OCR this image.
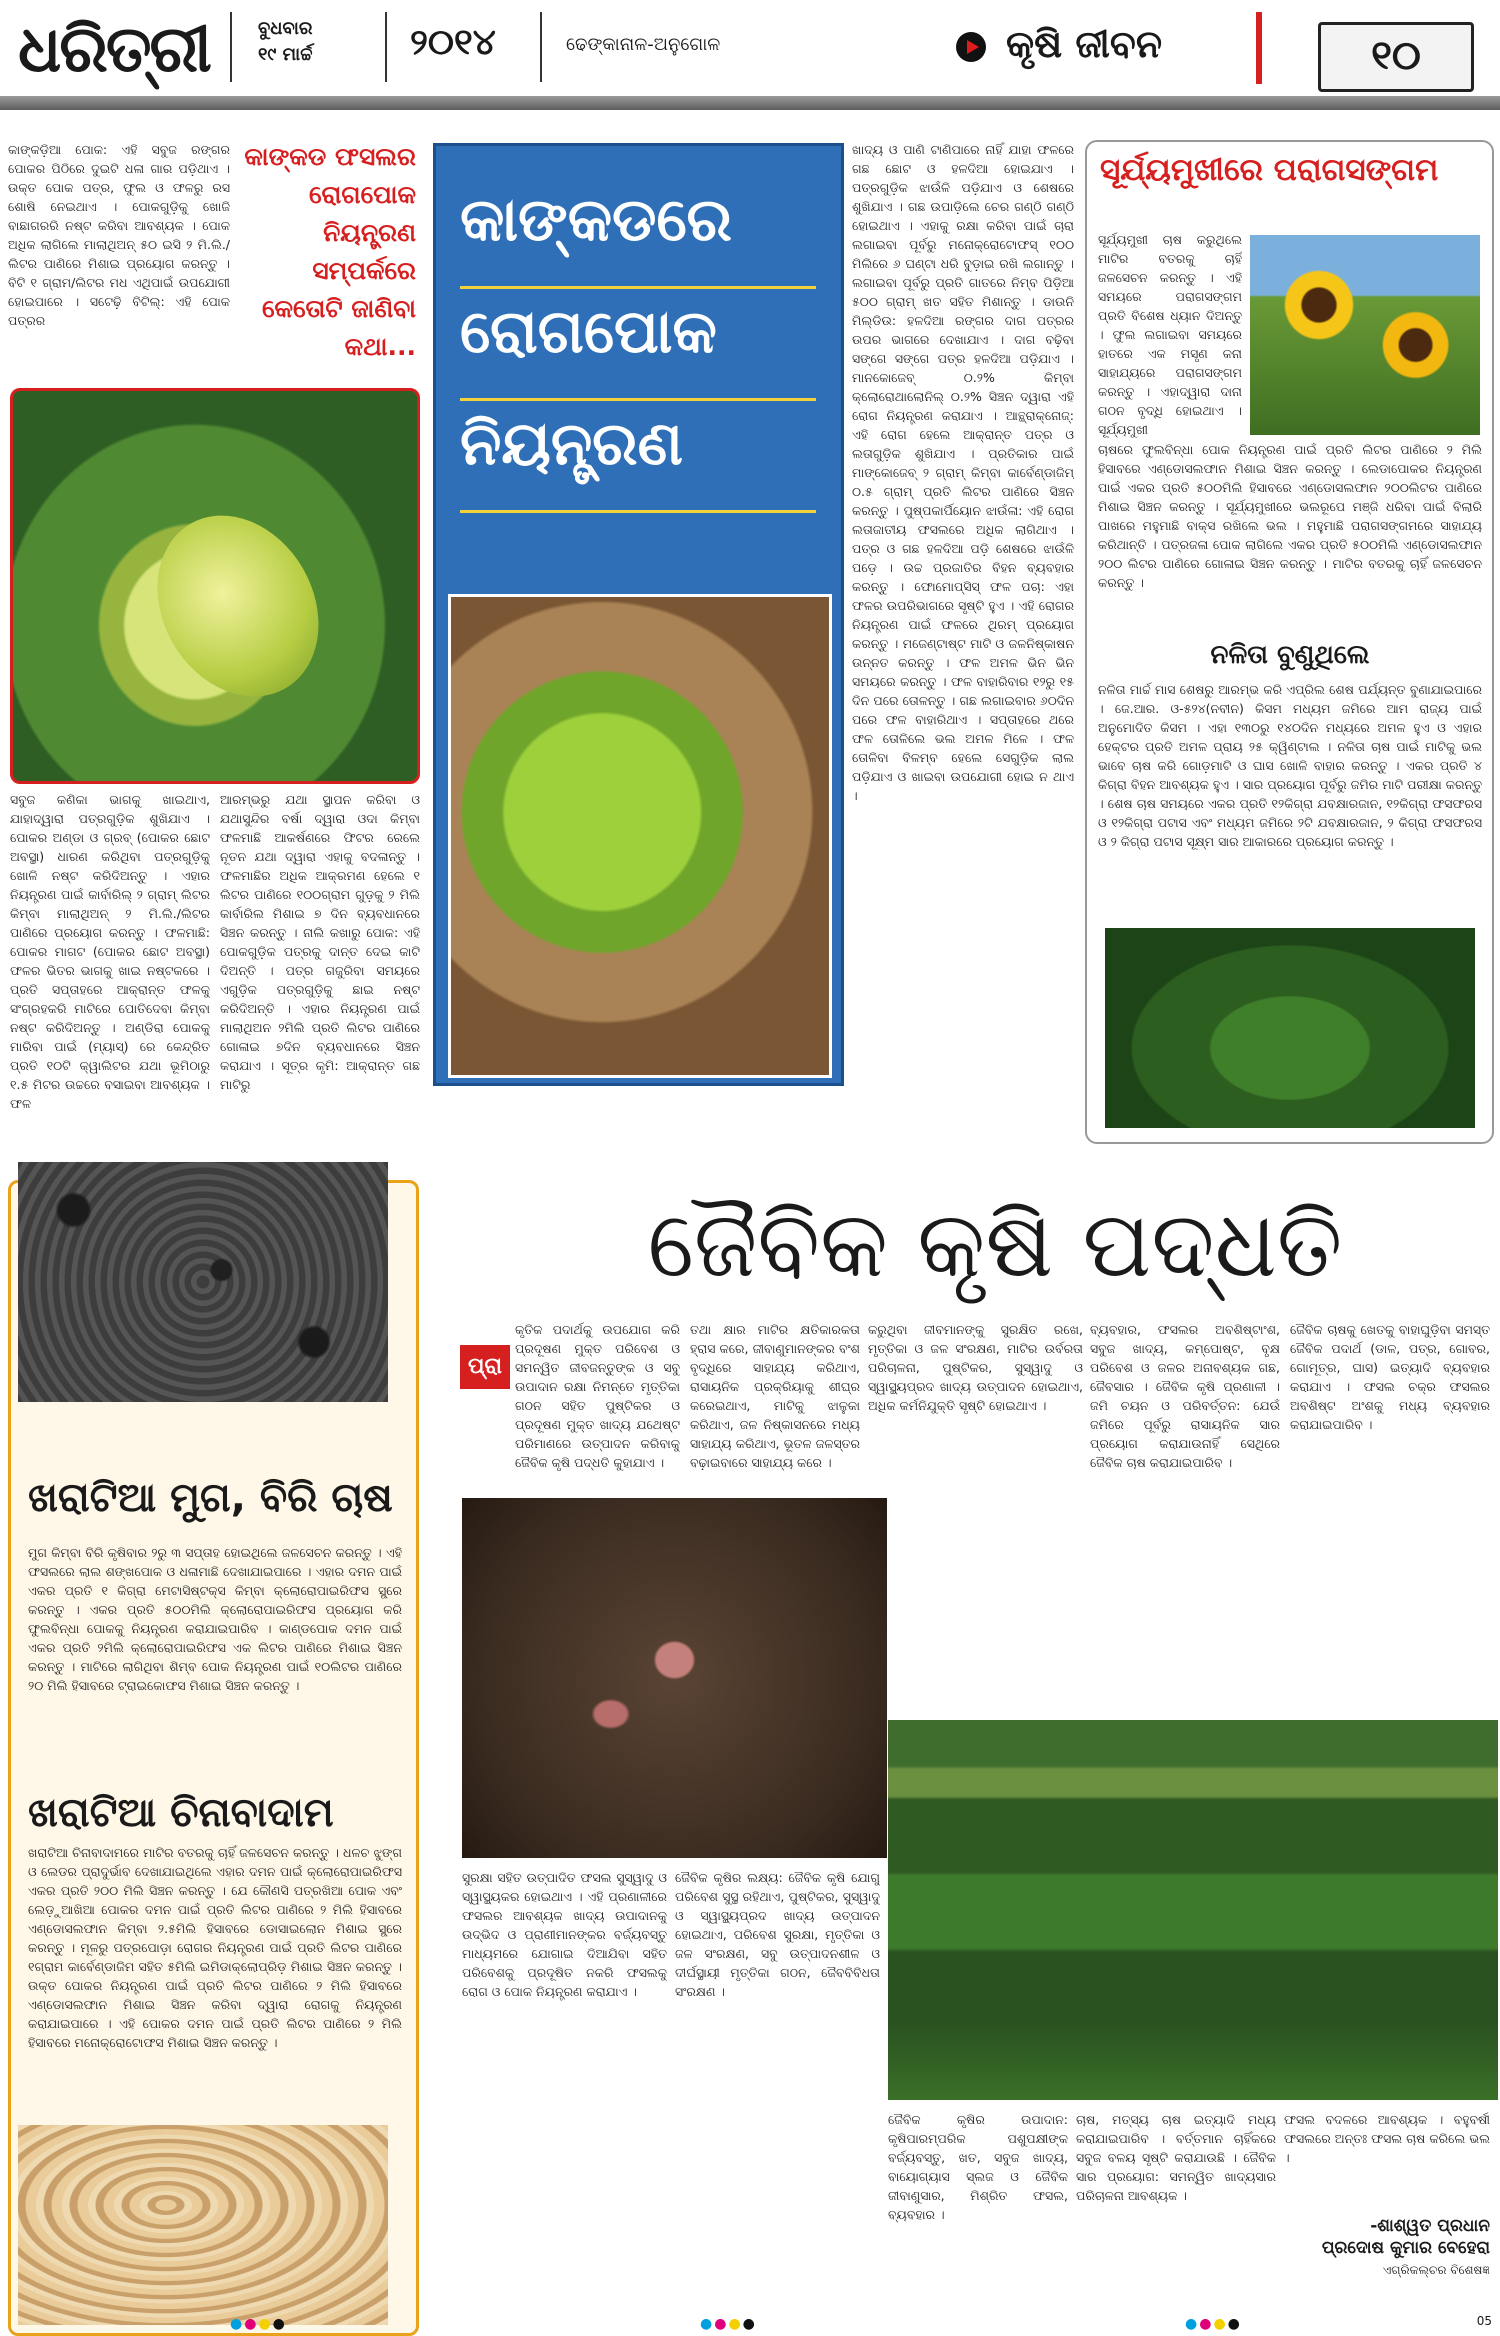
ଧରିତ୍ରୀ	ବୁଧବାର
୧୯ ମାର୍ଚ୍ଚ	୨୦୧୪	ଢେଙ୍କାନାଳ-ଅନୁଗୋଳ	କୃଷି ଜୀବନ	୧୦
କାଙ୍କଡ଼ିଆ ପୋକ: ଏହି ସବୁଜ ରଙ୍ଗର ପୋକର ପିଠିରେ ଦୁଇଟି ଧଳା ଗାର ପଡ଼ିଥାଏ । ଉକ୍ତ ପୋକ ପତ୍ର, ଫୁଲ ଓ ଫଳରୁ ରସ ଶୋଷି ନେଇଥାଏ । ପୋକଗୁଡ଼ିକୁ ଖୋଜି ବାଛାଗରରି ନଷ୍ଟ କରିବା ଆବଶ୍ୟକ । ପୋକ ଅଧିକ ଲାଗିଲେ ମାଲାଥିଅନ୍ ୫୦ ଇସି ୨ ମି.ଲି./ଲିଟର ପାଣିରେ ମିଶାଇ ପ୍ରୟୋଗ କରନ୍ତୁ । ବିଟି ୧ ଗ୍ରାମ/ଲିଟର ମଧ ଏଥିପାଇଁ ଉପଯୋଗୀ ହୋଇପାରେ । ସଟେଢ଼ି ବିଟିଲ୍: ଏହି ପୋକ ପତ୍ରର
କାଙ୍କଡ ଫସଲର ରୋଗପୋକ ନିୟନ୍ତ୍ରଣ ସମ୍ପର୍କରେ କେତୋଟି ଜାଣିବା କଥା...
କାଙ୍କଡରେ
ରୋଗପୋକ
ନିୟନ୍ତ୍ରଣ
ସବୁଜ କଣିକା ଭାଗକୁ ଖାଇଥାଏ, ଯାହାଦ୍ୱାରା ପତ୍ରଗୁଡ଼ିକ ଶୁଖିଯାଏ । ପୋକର ଅଣ୍ଡା ଓ ଗ୍ରବ୍ (ପୋକର ଛୋଟ ଅବସ୍ଥା) ଧାରଣ କରିଥିବା ପତ୍ରଗୁଡ଼ିକୁ ଖୋଳି ନଷ୍ଟ କରିଦିଅନ୍ତୁ । ଏହାର ନିୟନ୍ତ୍ରଣ ପାଇଁ କାର୍ବାରିଲ୍ ୨ ଗ୍ରାମ୍ ଲିଟର କିମ୍ବା ମାଲାଥିଅନ୍ ୨ ମି.ଲି./ଲିଟର ପାଣିରେ ପ୍ରୟୋଗ କରନ୍ତୁ । ଫଳମାଛି: ପୋକର ମାଗଟ (ପୋକର ଛୋଟ ଅବସ୍ଥା) ଫଳର ଭିତର ଭାଗକୁ ଖାଇ ନଷ୍ଟକରେ । ପ୍ରତି ସପ୍ତାହରେ ଆକ୍ରାନ୍ତ ଫଳକୁ ସଂଗ୍ରହକରି ମାଟିରେ ପୋତିଦେବା କିମ୍ବା ନଷ୍ଟ କରିଦିଅନ୍ତୁ । ଅଣ୍ଡିରା ପୋକକୁ ମାରିବା ପାଇଁ (ମ୍ୟାସ୍) ରେ କେନ୍ଦ୍ରିତ ପ୍ରତି ୧୦ଟି କ୍ୱାଲିଟର ଯଥା ଭୂମିଠାରୁ ୧.୫ ମିଟର ଉଚ୍ଚରେ ବସାଇବା ଆବଶ୍ୟକ । ଫଳ
ଆରମ୍ଭରୁ ଯଥା ସ୍ଥାପନ କରିବା ଓ ଯଥାସୁନ୍ଦିର ବର୍ଷା ଦ୍ୱାରା ଓଦା କିମ୍ବା ଫଳମାଛି ଆକର୍ଷଣରେ ଫିଟର ରେଲେ ନୂତନ ଯଥା ଦ୍ୱାରା ଏହାକୁ ବଦଳାନ୍ତୁ । ଫଳମାଛିର ଅଧିକ ଆକ୍ରମଣ ହେଲେ ୧ ଲିଟର ପାଣିରେ ୧୦୦ଗ୍ରାମ ଗୁଡ଼କୁ ୨ ମିଲି କାର୍ବାରିଲ ମିଶାଇ ୭ ଦିନ ବ୍ୟବଧାନରେ ସିଞ୍ଚନ କରନ୍ତୁ । ନାଲି କଖାରୁ ପୋକ: ଏହି ପୋକଗୁଡ଼ିକ ପତ୍ରକୁ ଦାନ୍ତ ଦେଇ କାଟି ଦିଅନ୍ତି । ପତ୍ର ଗଜୁରିବା ସମୟରେ ଏଗୁଡ଼ିକ ପତ୍ରଗୁଡ଼ିକୁ ଛାଇ ନଷ୍ଟ କରିଦିଅନ୍ତି । ଏହାର ନିୟନ୍ତ୍ରଣ ପାଇଁ ମାଲାଥିଅନ ୨ମିଲି ପ୍ରତି ଲିଟର ପାଣିରେ ଗୋଳାଇ ୭ଦିନ ବ୍ୟବଧାନରେ ସିଞ୍ଚନ କରାଯାଏ । ସୂତ୍ର କୃମି: ଆକ୍ରାନ୍ତ ଗଛ ମାଟିରୁ
ଖାଦ୍ୟ ଓ ପାଣି ଟାଣିପାରେ ନାହିଁ ଯାହା ଫଳରେ ଗଛ ଛୋଟ ଓ ହଳଦିଆ ହୋଇଯାଏ । ପତ୍ରଗୁଡ଼ିକ ଝାଉଁଳି ପଡ଼ିଯାଏ ଓ ଶେଷରେ ଶୁଖିଯାଏ । ଗଛ ଉପାଡ଼ିଲେ ଚେର ଗଣ୍ଠି ଗଣ୍ଠି ହୋଇଥାଏ । ଏହାକୁ ରକ୍ଷା କରିବା ପାଇଁ ଚାରା ଲଗାଇବା ପୂର୍ବରୁ ମନୋକ୍ରୋଟୋଫସ୍ ୧୦୦ ମିଲିରେ ୬ ଘଣ୍ଟା ଧରି ବୁଡ଼ାଇ ରଖି ଲଗାନ୍ତୁ । ଲଗାଇବା ପୂର୍ବରୁ ପ୍ରତି ଗାତରେ ନିମ୍ବ ପିଡ଼ିଆ ୫୦୦ ଗ୍ରାମ୍ ଖତ ସହିତ ମିଶାନ୍ତୁ । ଡାଉନି ମିଲ୍ଡିଉ: ହଳଦିଆ ରଙ୍ଗର ଦାଗ ପତ୍ରର ଉପର ଭାଗରେ ଦେଖାଯାଏ । ଦାଗ ବଢ଼ିବା ସଙ୍ଗେ ସଙ୍ଗେ ପତ୍ର ହଳଦିଆ ପଡ଼ିଯାଏ । ମାନକୋଜେବ୍ ୦.୨% କିମ୍ବା କ୍ଲୋରୋଥାଲୋନିଲ୍ ୦.୨% ସିଞ୍ଚନ ଦ୍ୱାରା ଏହି ରୋଗ ନିୟନ୍ତ୍ରଣ କରାଯାଏ । ଆନ୍ଥ୍ରାକ୍ନୋଜ୍: ଏହି ରୋଗ ହେଲେ ଆକ୍ରାନ୍ତ ପତ୍ର ଓ ଲତାଗୁଡ଼ିକ ଶୁଖିଯାଏ । ପ୍ରତିକାର ପାଇଁ ମାଙ୍କୋଜେବ୍ ୨ ଗ୍ରାମ୍ କିମ୍ବା କାର୍ବେଣ୍ଡାଜିମ୍ ୦.୫ ଗ୍ରାମ୍ ପ୍ରତି ଲିଟର ପାଣିରେ ସିଞ୍ଚନ କରନ୍ତୁ । ପୁଷ୍ପକାର୍ପିୟୋନ ଝାଉଁଳା: ଏହି ରୋଗ ଲତାଜାତୀୟ ଫସଲରେ ଅଧିକ ଲାଗିଥାଏ । ପତ୍ର ଓ ଗଛ ହଳଦିଆ ପଡ଼ି ଶେଷରେ ଝାଉଁଳି ପଡ଼େ । ଉଚ୍ଚ ପ୍ରଜାତିର ବିହନ ବ୍ୟବହାର କରନ୍ତୁ । ଫୋମୋପ୍ସିସ୍ ଫଳ ପଚା: ଏହା ଫଳର ଉପରିଭାଗରେ ସୃଷ୍ଟି ହୁଏ । ଏହି ରୋଗର ନିୟନ୍ତ୍ରଣ ପାଇଁ ଫଳରେ ଥିରମ୍ ପ୍ରୟୋଗ କରନ୍ତୁ । ମଜେଣ୍ଟାଷ୍ଟ ମାଟି ଓ ଜଳନିଷ୍କାଷନ ଉନ୍ନତ କରନ୍ତୁ । ଫଳ ଅମଳ ଭିନ ଭିନ ସମୟରେ କରନ୍ତୁ । ଫଳ ବାହାରିବାର ୧୨ରୁ ୧୫ ଦିନ ପରେ ତୋଳନ୍ତୁ । ଗଛ ଲଗାଇବାର ୬୦ଦିନ ପରେ ଫଳ ବାହାରିଥାଏ । ସପ୍ତାହରେ ଥରେ ଫଳ ତୋଳିଲେ ଭଲ ଅମଳ ମିଳେ । ଫଳ ତୋଳିବା ବିଳମ୍ବ ହେଲେ ସେଗୁଡ଼ିକ ଲାଲ ପଡ଼ିଯାଏ ଓ ଖାଇବା ଉପଯୋଗୀ ହୋଇ ନ ଥାଏ ।
ସୂର୍ଯ୍ୟମୁଖୀରେ ପରାଗସଙ୍ଗମ
ସୂର୍ଯ୍ୟମୁଖୀ ଚାଷ କରୁଥିଲେ ମାଟିର ବତରକୁ ଚାହିଁ ଜଳସେଚନ କରନ୍ତୁ । ଏହି ସମୟରେ ପରାଗସଙ୍ଗମ ପ୍ରତି ବିଶେଷ ଧ୍ୟାନ ଦିଅନ୍ତୁ । ଫୁଲ ଲଗାଇବା ସମୟରେ ହାତରେ ଏକ ମସୃଣ କନା ସାହାଯ୍ୟରେ ପରାଗସଙ୍ଗମ କରନ୍ତୁ । ଏହାଦ୍ୱାରା ଦାନା ଗଠନ ବୃଦ୍ଧି ହୋଇଥାଏ । ସୂର୍ଯ୍ୟମୁଖୀ
ଚାଷରେ ଫୁଲବିନ୍ଧା ପୋକ ନିୟନ୍ତ୍ରଣ ପାଇଁ ପ୍ରତି ଲିଟର ପାଣିରେ ୨ ମିଲି ହିସାବରେ ଏଣ୍ଡୋସଲଫାନ ମିଶାଇ ସିଞ୍ଚନ କରନ୍ତୁ । ଲେଡାପୋକର ନିୟନ୍ତ୍ରଣ ପାଇଁ ଏକର ପ୍ରତି ୫୦୦ମିଲି ହିସାବରେ ଏଣ୍ଡୋସଲଫାନ ୨୦୦ଲିଟର ପାଣିରେ ମିଶାଇ ସିଞ୍ଚନ କରନ୍ତୁ । ସୂର୍ଯ୍ୟମୁଖୀରେ ଭଲରୂପେ ମଞ୍ଜି ଧରିବା ପାଇଁ ବିଲାରି ପାଖରେ ମହୁମାଛି ବାକ୍ସ ରଖିଲେ ଭଲ । ମହୁମାଛି ପରାଗସଙ୍ଗମରେ ସାହାଯ୍ୟ କରିଥାନ୍ତି । ପତ୍ରଜଳା ପୋକ ଲାଗିଲେ ଏକର ପ୍ରତି ୫୦୦ମିଲି ଏଣ୍ଡୋସଲଫାନ ୨୦୦ ଲିଟର ପାଣିରେ ଗୋଳାଇ ସିଞ୍ଚନ କରନ୍ତୁ । ମାଟିର ବତରକୁ ଚାହିଁ ଜଳସେଚନ କରନ୍ତୁ ।
ନଳିତା ବୁଣୁଥିଲେ
ନଳିତା ମାର୍ଚ୍ଚ ମାସ ଶେଷରୁ ଆରମ୍ଭ କରି ଏପ୍ରିଲ ଶେଷ ପର୍ଯ୍ୟନ୍ତ ବୁଣାଯାଇପାରେ । ଜେ.ଆର. ଓ-୫୨୪(ନବୀନ) କିସମ ମଧ୍ୟମ ଜମିରେ ଆମ ରାଜ୍ୟ ପାଇଁ ଅନୁମୋଦିତ କିସମ । ଏହା ୧୩୦ରୁ ୧୪୦ଦିନ ମଧ୍ୟରେ ଅମଳ ହୁଏ ଓ ଏହାର ହେକ୍ଟର ପ୍ରତି ଅମଳ ପ୍ରାୟ ୨୫ କ୍ୱିଣ୍ଟାଲ । ନଳିତା ଚାଷ ପାଇଁ ମାଟିକୁ ଭଲ ଭାବେ ଚାଷ କରି ଗୋଡ଼ମାଟି ଓ ଘାସ ଖୋଳି ବାହାର କରନ୍ତୁ । ଏକର ପ୍ରତି ୪ କିଗ୍ରା ବିହନ ଆବଶ୍ୟକ ହୁଏ । ସାର ପ୍ରୟୋଗ ପୂର୍ବରୁ ଜମିର ମାଟି ପରୀକ୍ଷା କରନ୍ତୁ । ଶେଷ ଚାଷ ସମୟରେ ଏକର ପ୍ରତି ୧୨କିଗ୍ରା ଯବକ୍ଷାରଜାନ, ୧୨କିଗ୍ରା ଫସଫରସ ଓ ୧୨କିଗ୍ରା ପଟାସ ଏବଂ ମଧ୍ୟମ ଜମିରେ ୨ଟି ଯବକ୍ଷାରଜାନ, ୨ କିଗ୍ରା ଫସଫରସ ଓ ୨ କିଗ୍ରା ପଟାସ ସୂକ୍ଷ୍ମ ସାର ଆକାରରେ ପ୍ରୟୋଗ କରନ୍ତୁ ।
ଜୈବିକ କୃଷି ପଦ୍ଧତି
ପ୍ରା
କୃତିକ ପଦାର୍ଥକୁ ଉପଯୋଗ କରି ପ୍ରଦୂଷଣ ମୁକ୍ତ ପରିବେଶ ଓ ସମନ୍ୱିତ ଜୀବଜନ୍ତୁଙ୍କ ଓ ସବୁ ଉପାଦାନ ରକ୍ଷା ନିମନ୍ତେ ମୃତ୍ତିକା ଗଠନ ସହିତ ପୁଷ୍ଟିକର ଓ ପ୍ରଦୂଷଣ ମୁକ୍ତ ଖାଦ୍ୟ ଯଥେଷ୍ଟ ପରିମାଣରେ ଉତ୍ପାଦନ କରିବାକୁ ଜୈବିକ କୃଷି ପଦ୍ଧତି କୁହାଯାଏ ।
ତଥା କ୍ଷାର ମାଟିର କ୍ଷତିକାରକତା ହ୍ରାସ କରେ, ଜୀବାଣୁମାନଙ୍କର ବଂଶ ବୃଦ୍ଧିରେ ସାହାଯ୍ୟ କରିଥାଏ, ରାସାୟନିକ ପ୍ରକ୍ରିୟାକୁ ଶୀଘ୍ର କରେଇଥାଏ, ମାଟିକୁ ଝାଳୁକା କରିଥାଏ, ଜଳ ନିଷ୍କାସନରେ ମଧ୍ୟ ସାହାଯ୍ୟ କରିଥାଏ, ଭୂତଳ ଜଳସ୍ତର ବଢ଼ାଇବାରେ ସାହାଯ୍ୟ କରେ ।
କରୁଥିବା ଜୀବମାନଙ୍କୁ ସୁରକ୍ଷିତ ରଖେ, ମୃତ୍ତିକା ଓ ଜଳ ସଂରକ୍ଷଣ, ମାଟିର ଉର୍ବରତା ପରିଚାଳନା, ପୁଷ୍ଟିକର, ସୁସ୍ୱାଦୁ ଓ ସ୍ୱାସ୍ଥ୍ୟପ୍ରଦ ଖାଦ୍ୟ ଉତ୍ପାଦନ ହୋଇଥାଏ, ଅଧିକ କର୍ମନିଯୁକ୍ତି ସୃଷ୍ଟି ହୋଇଥାଏ ।
ବ୍ୟବହାର, ଫସଲର ଅବଶିଷ୍ଟାଂଶ, ସବୁଜ ଖାଦ୍ୟ, କମ୍ପୋଷ୍ଟ, ବୃକ୍ଷ ପରିବେଶ ଓ ଜଳର ଅନାବଶ୍ୟକ ଗଛ, ଜୈବସାର । ଜୈବିକ କୃଷି ପ୍ରଣାଳୀ । ଜମି ଚୟନ ଓ ପରିବର୍ତ୍ତନ: ଯେଉଁ ଜମିରେ ପୂର୍ବରୁ ରାସାୟନିକ ସାର ପ୍ରୟୋଗ କରାଯାଉନାହିଁ ସେଥିରେ ଜୈବିକ ଚାଷ କରାଯାଇପାରିବ ।
ଜୈବିକ ଚାଷକୁ ଖେତକୁ ବାହାଘୁଡ଼ିବା ସମସ୍ତ ଜୈବିକ ପଦାର୍ଥ (ଡାଳ, ପତ୍ର, ଗୋବର, ଗୋମୂତ୍ର, ଘାସ) ଇତ୍ୟାଦି ବ୍ୟବହାର କରାଯାଏ । ଫସଲ ଚକ୍ର ଫସଲର ଅବଶିଷ୍ଟ ଅଂଶକୁ ମଧ୍ୟ ବ୍ୟବହାର କରାଯାଇପାରିବ ।
ସୁରକ୍ଷା ସହିତ ଉତ୍ପାଦିତ ଫସଲ ସୁସ୍ୱାଦୁ ଓ ସ୍ୱାସ୍ଥ୍ୟକର ହୋଇଥାଏ । ଏହି ପ୍ରଣାଳୀରେ ଫସଲର ଆବଶ୍ୟକ ଖାଦ୍ୟ ଉପାଦାନକୁ ଉଦ୍ଭିଦ ଓ ପ୍ରାଣୀମାନଙ୍କର ବର୍ଜ୍ୟବସ୍ତୁ ମାଧ୍ୟମରେ ଯୋଗାଇ ଦିଆଯିବା ସହିତ ପରିବେଶକୁ ପ୍ରଦୂଷିତ ନକରି ଫସଲକୁ ରୋଗ ଓ ପୋକ ନିୟନ୍ତ୍ରଣ କରାଯାଏ ।
ଜୈବିକ କୃଷିର ଲକ୍ଷ୍ୟ: ଜୈବିକ କୃଷି ଯୋଗୁ ପରିବେଶ ସୁସ୍ଥ ରହିଥାଏ, ପୁଷ୍ଟିକର, ସୁସ୍ୱାଦୁ ଓ ସ୍ୱାସ୍ଥ୍ୟପ୍ରଦ ଖାଦ୍ୟ ଉତ୍ପାଦନ ହୋଇଥାଏ, ପରିବେଶ ସୁରକ୍ଷା, ମୃତ୍ତିକା ଓ ଜଳ ସଂରକ୍ଷଣ, ସବୁ ଉତ୍ପାଦନଶୀଳ ଓ ଦୀର୍ଘସ୍ଥାୟୀ ମୃତ୍ତିକା ଗଠନ, ଜୈବବିବିଧତା ସଂରକ୍ଷଣ ।
ଜୈବିକ କୃଷିର ଉପାଦାନ: କୃଷିପାରମ୍ପରିକ ପଶୁପକ୍ଷୀଙ୍କ ବର୍ଜ୍ୟବସ୍ତୁ, ଖତ, ସବୁଜ ଖାଦ୍ୟ, ବାୟୋଗ୍ୟାସ ସ୍ଲଜ ଓ ଜୈବିକ ଜୀବାଣୁସାର, ମିଶ୍ରିତ ଫସଲ, ବ୍ୟବହାର ।
ଚାଷ, ମତ୍ସ୍ୟ ଚାଷ ଇତ୍ୟାଦି ମଧ୍ୟ କରାଯାଇପାରିବ । ବର୍ତ୍ତମାନ ଚାହିଁକରେ ସବୁଜ ବଳୟ ସୃଷ୍ଟି କରାଯାଉଛି । ଜୈବିକ ସାର ପ୍ରୟୋଗ: ସମନ୍ୱିତ ଖାଦ୍ୟସାର ପରିଚାଳନା ଆବଶ୍ୟକ ।
ଫସଲ ବଦଳରେ ଆବଶ୍ୟକ । ବହୁବର୍ଷୀ ଫସଲରେ ଅନ୍ତଃ ଫସଲ ଚାଷ କରିଲେ ଭଲ ।
-ଶାଶ୍ୱତ ପ୍ରଧାନ
ପ୍ରଦୋଷ କୁମାର ବେହେରା
ଏଗ୍ରିକଲ୍ଚର ବିଶେଷଜ୍ଞ
ଖରାଟିଆ ମୁଗ, ବିରି ଚାଷ
ମୁଗ କିମ୍ବା ବିରି କୃଷିବାର ୨ରୁ ୩ ସପ୍ତାହ ହୋଇଥିଲେ ଜଳସେଚନ କରନ୍ତୁ । ଏହି ଫସଲରେ ଲାଲ ଶଙ୍ଖପୋକ ଓ ଧଳାମାଛି ଦେଖାଯାଇପାରେ । ଏହାର ଦମନ ପାଇଁ ଏକର ପ୍ରତି ୧ କିଗ୍ରା ମେଟାସିଷ୍ଟକ୍ସ କିମ୍ବା କ୍ଲୋରୋପାଇରିଫସ ସ୍ପ୍ରେ କରନ୍ତୁ । ଏକର ପ୍ରତି ୫୦୦ମିଲି କ୍ଲୋରୋପାଇରିଫସ ପ୍ରୟୋଗ କରି ଫୁଲବିନ୍ଧା ପୋକକୁ ନିୟନ୍ତ୍ରଣ କରାଯାଇପାରିବ । କାଣ୍ଡପୋକ ଦମନ ପାଇଁ ଏକର ପ୍ରତି ୨ମିଲି କ୍ଲୋରୋପାଇରିଫସ ଏକ ଲିଟର ପାଣିରେ ମିଶାଇ ସିଞ୍ଚନ କରନ୍ତୁ । ମାଟିରେ ଲାଗିଥିବା ଶିମ୍ବ ପୋକ ନିୟନ୍ତ୍ରଣ ପାଇଁ ୧୦ଲିଟର ପାଣିରେ ୨୦ ମିଲି ହିସାବରେ ଟ୍ରାଇକୋଫସ ମିଶାଇ ସିଞ୍ଚନ କରନ୍ତୁ ।
ଖରାଟିଆ ଚିନାବାଦାମ
ଖରାଟିଆ ଚିନାବାଦାମରେ ମାଟିର ବତରକୁ ଚାହିଁ ଜଳସେଚନ କରନ୍ତୁ । ଧଳଚ ଝୁଙ୍ଗ ଓ ଲେଡର ପ୍ରାଦୁର୍ଭାବ ଦେଖାଯାଇଥିଲେ ଏହାର ଦମନ ପାଇଁ କ୍ଲୋରୋପାଇରିଫସ ଏକର ପ୍ରତି ୨୦୦ ମିଲି ସିଞ୍ଚନ କରନ୍ତୁ । ଯେ କୌଣସି ପତ୍ରଖିଆ ପୋକ ଏବଂ ଲେଡ଼ୁଆଖିଆ ପୋକର ଦମନ ପାଇଁ ପ୍ରତି ଲିଟର ପାଣିରେ ୨ ମିଲି ହିସାବରେ ଏଣ୍ଡୋସଲଫାନ କିମ୍ବା ୨.୫ମିଲି ହିସାବରେ ଡୋସାଇଲୋନ ମିଶାଇ ସ୍ପ୍ରେ କରନ୍ତୁ । ମୂଳରୁ ପତ୍ରପୋଡ଼ା ରୋଗର ନିୟନ୍ତ୍ରଣ ପାଇଁ ପ୍ରତି ଲିଟର ପାଣିରେ ୧ଗ୍ରାମ କାର୍ବେଣ୍ଡାଜିମ ସହିତ ୫ମିଲି ଇମିଡାକ୍ଲୋପ୍ରିଡ଼ ମିଶାଇ ସିଞ୍ଚନ କରନ୍ତୁ । ଉକ୍ତ ପୋକର ନିୟନ୍ତ୍ରଣ ପାଇଁ ପ୍ରତି ଲିଟର ପାଣିରେ ୨ ମିଲି ହିସାବରେ ଏଣ୍ଡୋସଲଫାନ ମିଶାଇ ସିଞ୍ଚନ କରିବା ଦ୍ୱାରା ରୋଗକୁ ନିୟନ୍ତ୍ରଣ କରାଯାଇପାରେ । ଏହି ପୋକର ଦମନ ପାଇଁ ପ୍ରତି ଲିଟର ପାଣିରେ ୨ ମିଲି ହିସାବରେ ମନୋକ୍ରୋଟୋଫସ ମିଶାଇ ସିଞ୍ଚନ କରନ୍ତୁ ।
●●●●	●●●●	●●●●	05
